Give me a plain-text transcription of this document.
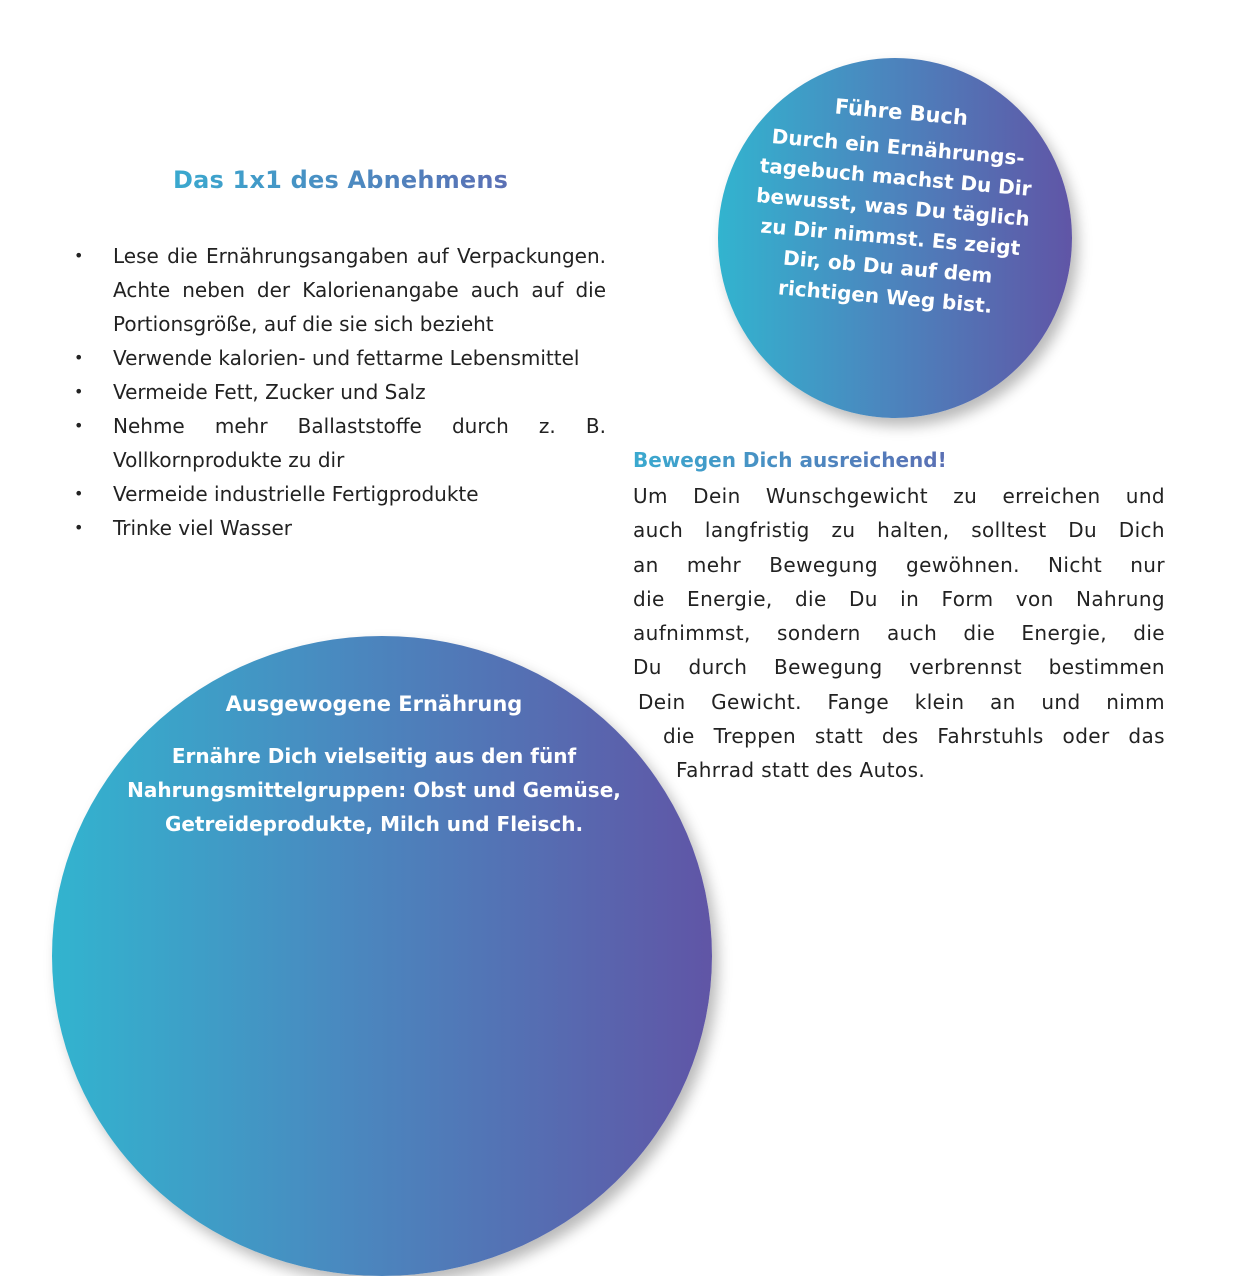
Führe Buch
Durch ein Ernährungs-tagebuch machst Du Dir bewusst, was Du täglich zu Dir nimmst. Es zeigt Dir, ob Du auf dem richtigen Weg bist.
Das 1x1 des Abnehmens
• Lese die Ernährungsangaben auf Verpackungen. Achte neben der Kalorienangabe auch auf die Portionsgröße, auf die sie sich bezieht
• Verwende kalorien- und fettarme Lebensmittel
• Vermeide Fett, Zucker und Salz
• Nehme mehr Ballaststoffe durch z. B. Vollkornprodukte zu dir
• Vermeide industrielle Fertigprodukte
• Trinke viel Wasser
Ausgewogene Ernährung
Ernähre Dich vielseitig aus den fünf Nahrungsmittelgruppen: Obst und Gemüse, Getreideprodukte, Milch und Fleisch.
Bewegen Dich ausreichend!
Um Dein Wunschgewicht zu erreichen und
auch langfristig zu halten, solltest Du Dich
an mehr Bewegung gewöhnen. Nicht nur
die Energie, die Du in Form von Nahrung
aufnimmst, sondern auch die Energie, die
Du durch Bewegung verbrennst bestimmen
Dein Gewicht. Fange klein an und nimm
die Treppen statt des Fahrstuhls oder das
Fahrrad statt des Autos.
